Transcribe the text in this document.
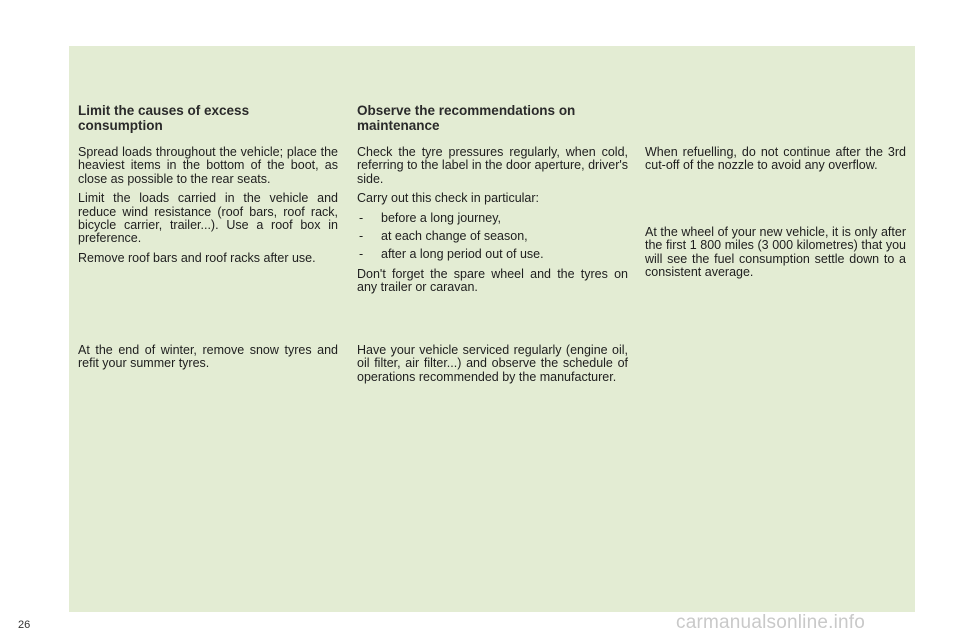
Limit the causes of excess consumption

Spread loads throughout the vehicle; place the heaviest items in the bottom of the boot, as close as possible to the rear seats.

Limit the loads carried in the vehicle and reduce wind resistance (roof bars, roof rack, bicycle carrier, trailer...). Use a roof box in preference.

Remove roof bars and roof racks after use.

At the end of winter, remove snow tyres and refit your summer tyres.

Observe the recommendations on maintenance

Check the tyre pressures regularly, when cold, referring to the label in the door aperture, driver's side.

Carry out this check in particular:

- before a long journey,
- at each change of season,
- after a long period out of use.

Don't forget the spare wheel and the tyres on any trailer or caravan.

Have your vehicle serviced regularly (engine oil, oil filter, air filter...) and observe the schedule of operations recommended by the manufacturer.

When refuelling, do not continue after the 3rd cut-off of the nozzle to avoid any overflow.

At the wheel of your new vehicle, it is only after the first 1 800 miles (3 000 kilometres) that you will see the fuel consumption settle down to a consistent average.

26	carmanualsonline.info
